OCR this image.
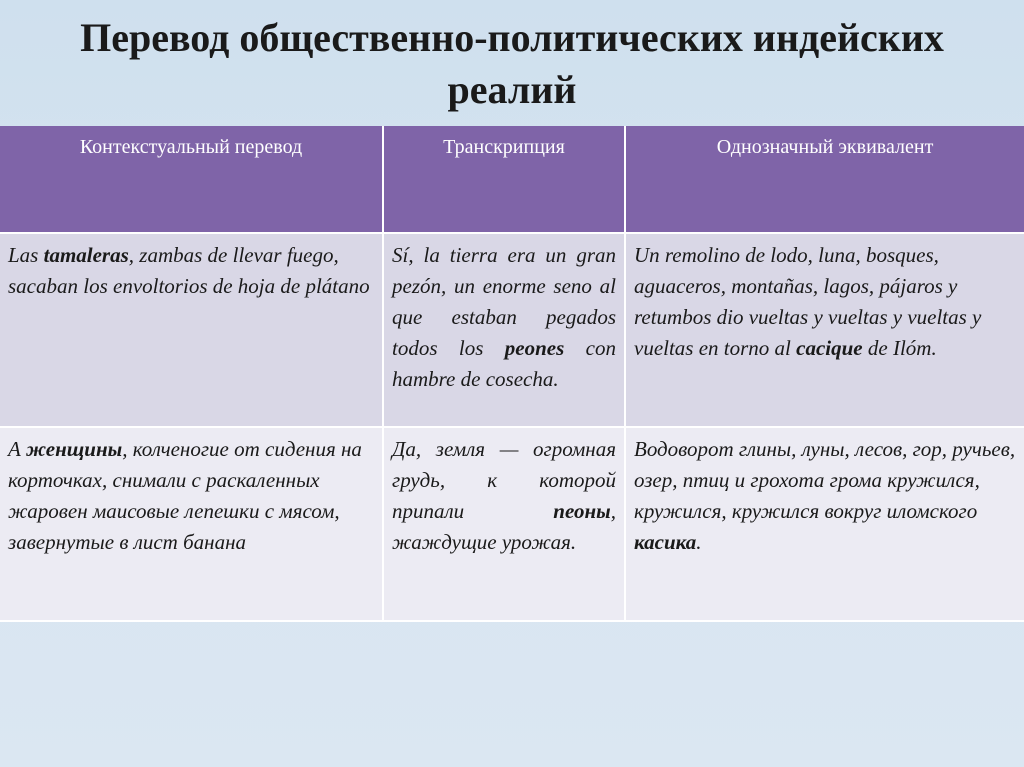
Перевод общественно-политических индейских
реалий
Контекстуальный перевод	Транскрипция	Однозначный эквивалент
Las tamaleras, zambas de llevar fuego, sacaban los envoltorios de hoja de plátano	Sí, la tierra era un gran pezón, un enorme seno al que estaban pegados todos los peones con hambre de cosecha.	Un remolino de lodo, luna, bosques, aguaceros, montañas, lagos, pájaros y retumbos dio vueltas y vueltas y vueltas y vueltas en torno al cacique de Ilóm.
А женщины, колченогие от сидения на корточках, снимали с раскаленных жаровен маисовые лепешки с мясом, завернутые в лист банана	Да, земля — огромная грудь, к которой припали пеоны, жаждущие урожая.	Водоворот глины, луны, лесов, гор, ручьев, озер, птиц и грохота грома кружился, кружился, кружился вокруг иломского касика.
